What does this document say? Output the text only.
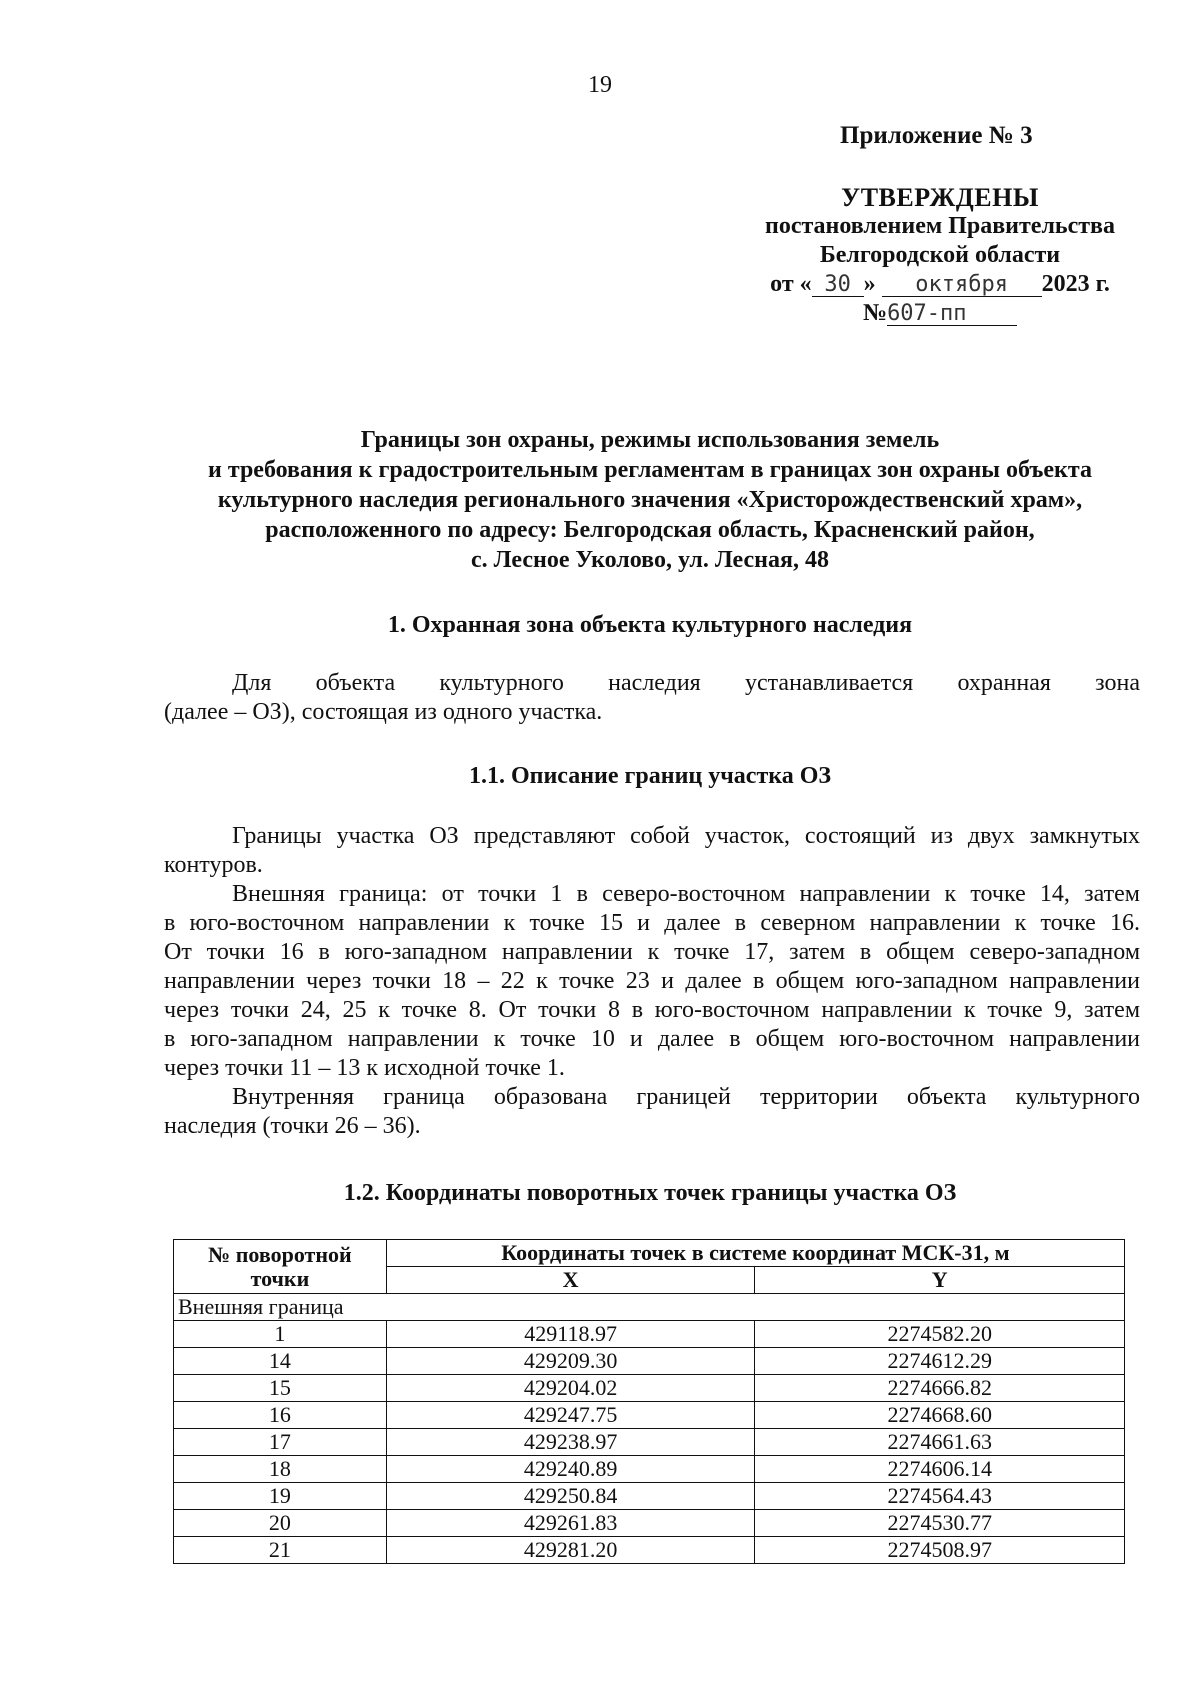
19
Приложение № 3
УТВЕРЖДЕНЫ
постановлением Правительства
Белгородской области
от « 30 » октября 2023 г.
№607-пп
Границы зон охраны, режимы использования земель
и требования к градостроительным регламентам в границах зон охраны объекта
культурного наследия регионального значения «Христорождественский храм»,
расположенного по адресу: Белгородская область, Красненский район,
с. Лесное Уколово, ул. Лесная, 48
1. Охранная зона объекта культурного наследия
Для объекта культурного наследия устанавливается охранная зона
(далее – ОЗ), состоящая из одного участка.
1.1. Описание границ участка ОЗ
Границы участка ОЗ представляют собой участок, состоящий из двух замкнутых
контуров.
Внешняя граница: от точки 1 в северо-восточном направлении к точке 14, затем
в юго-восточном направлении к точке 15 и далее в северном направлении к точке 16.
От точки 16 в юго-западном направлении к точке 17, затем в общем северо-западном
направлении через точки 18 – 22 к точке 23 и далее в общем юго-западном направлении
через точки 24, 25 к точке 8. От точки 8 в юго-восточном направлении к точке 9, затем
в юго-западном направлении к точке 10 и далее в общем юго-восточном направлении
через точки 11 – 13 к исходной точке 1.
Внутренняя граница образована границей территории объекта культурного
наследия (точки 26 – 36).
1.2. Координаты поворотных точек границы участка ОЗ
№ поворотной точки	Координаты точек в системе координат МСК-31, м	
	X	Y
Внешняя граница		
1	429118.97	2274582.20
14	429209.30	2274612.29
15	429204.02	2274666.82
16	429247.75	2274668.60
17	429238.97	2274661.63
18	429240.89	2274606.14
19	429250.84	2274564.43
20	429261.83	2274530.77
21	429281.20	2274508.97
